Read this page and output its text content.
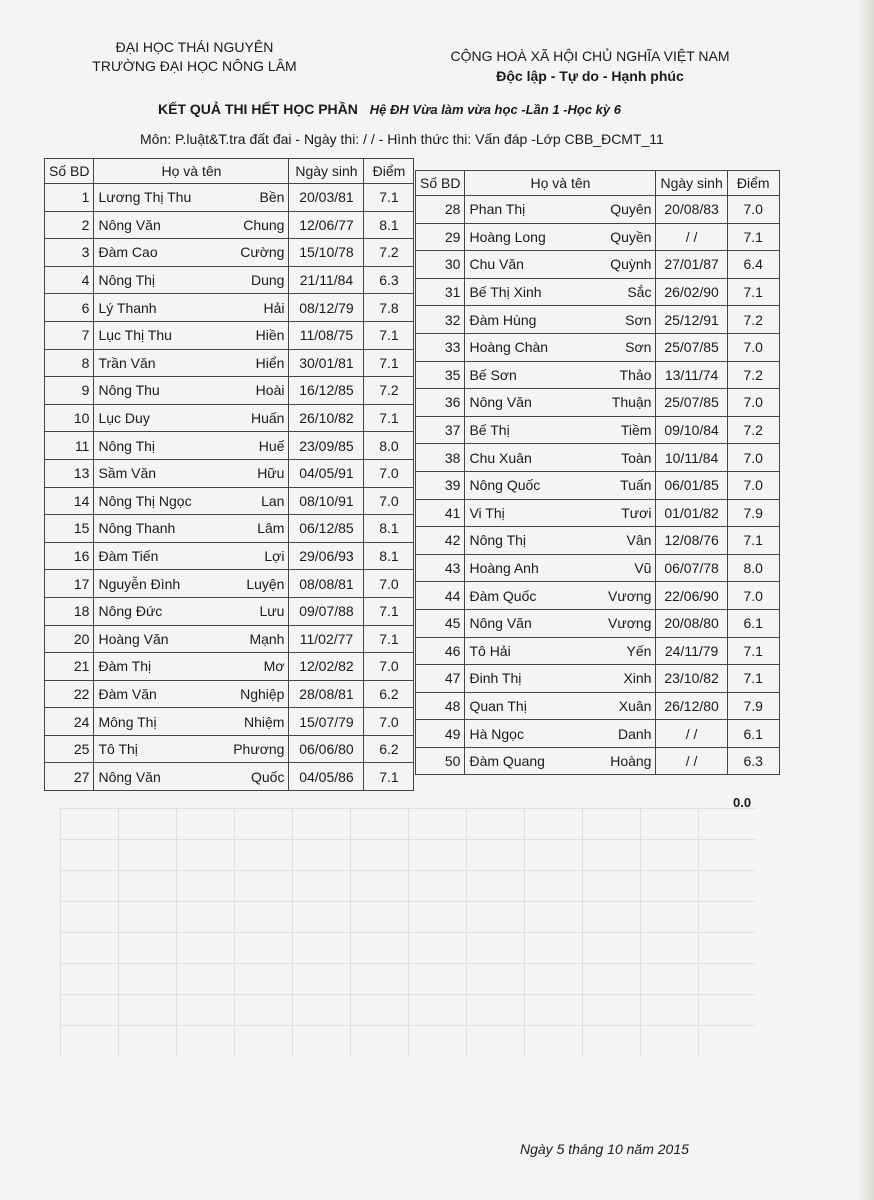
ĐẠI HỌC THÁI NGUYÊN
TRƯỜNG ĐẠI HỌC NÔNG LÂM
CỘNG HOÀ XÃ HỘI CHỦ NGHĨA VIỆT NAM
Độc lập - Tự do - Hạnh phúc
KẾT QUẢ THI HẾT HỌC PHẦN Hệ ĐH Vừa làm vừa học -Lần 1 -Học kỳ 6
Môn: P.luật&T.tra đất đai - Ngày thi: / / - Hình thức thi: Vấn đáp -Lớp CBB_ĐCMT_11
Số BD	Họ và tên		Ngày sinh	Điểm
1	Lương Thị Thu	Bền	20/03/81	7.1
2	Nông Văn	Chung	12/06/77	8.1
3	Đàm Cao	Cường	15/10/78	7.2
4	Nông Thị	Dung	21/11/84	6.3
6	Lý Thanh	Hải	08/12/79	7.8
7	Lục Thị Thu	Hiền	11/08/75	7.1
8	Trần Văn	Hiển	30/01/81	7.1
9	Nông Thu	Hoài	16/12/85	7.2
10	Lục Duy	Huấn	26/10/82	7.1
11	Nông Thị	Huế	23/09/85	8.0
13	Sầm Văn	Hữu	04/05/91	7.0
14	Nông Thị Ngọc	Lan	08/10/91	7.0
15	Nông Thanh	Lâm	06/12/85	8.1
16	Đàm Tiến	Lợi	29/06/93	8.1
17	Nguyễn Đình	Luyện	08/08/81	7.0
18	Nông Đức	Lưu	09/07/88	7.1
20	Hoàng Văn	Mạnh	11/02/77	7.1
21	Đàm Thị	Mơ	12/02/82	7.0
22	Đàm Văn	Nghiệp	28/08/81	6.2
24	Mông Thị	Nhiệm	15/07/79	7.0
25	Tô Thị	Phương	06/06/80	6.2
27	Nông Văn	Quốc	04/05/86	7.1
Số BD	Họ và tên		Ngày sinh	Điểm
28	Phan Thị	Quyên	20/08/83	7.0
29	Hoàng Long	Quyền	/ /	7.1
30	Chu Văn	Quỳnh	27/01/87	6.4
31	Bế Thị Xinh	Sắc	26/02/90	7.1
32	Đàm Hùng	Sơn	25/12/91	7.2
33	Hoàng Chàn	Sơn	25/07/85	7.0
35	Bế Sơn	Thảo	13/11/74	7.2
36	Nông Văn	Thuận	25/07/85	7.0
37	Bế Thị	Tiềm	09/10/84	7.2
38	Chu Xuân	Toàn	10/11/84	7.0
39	Nông Quốc	Tuấn	06/01/85	7.0
41	Vi Thị	Tươi	01/01/82	7.9
42	Nông Thị	Vân	12/08/76	7.1
43	Hoàng Anh	Vũ	06/07/78	8.0
44	Đàm Quốc	Vương	22/06/90	7.0
45	Nông Văn	Vương	20/08/80	6.1
46	Tô Hải	Yến	24/11/79	7.1
47	Đinh Thị	Xinh	23/10/82	7.1
48	Quan Thị	Xuân	26/12/80	7.9
49	Hà Ngọc	Danh	/ /	6.1
50	Đàm Quang	Hoàng	/ /	6.3
0.0
Ngày 5 tháng 10 năm 2015
